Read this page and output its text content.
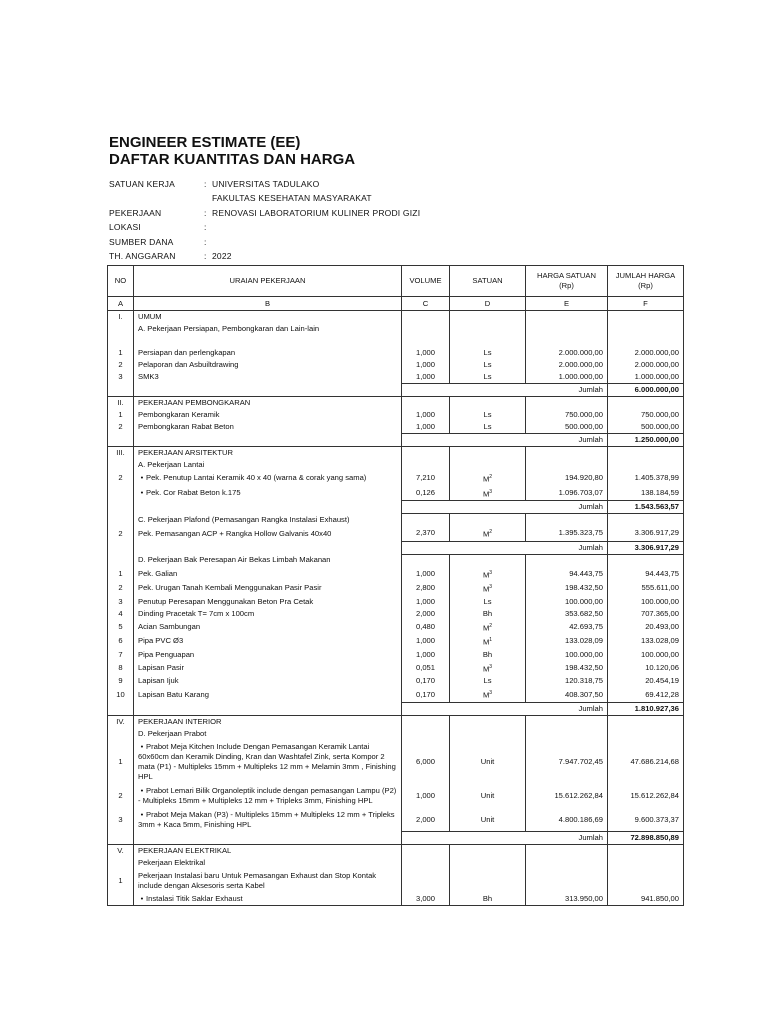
ENGINEER ESTIMATE (EE)
DAFTAR KUANTITAS DAN HARGA
SATUAN KERJA	: UNIVERSITAS TADULAKO
FAKULTAS KESEHATAN MASYARAKAT
PEKERJAAN	: RENOVASI LABORATORIUM KULINER PRODI GIZI
LOKASI	:
SUMBER DANA	:
TH. ANGGARAN	: 2022
NO	URAIAN PEKERJAAN	VOLUME	SATUAN	HARGA SATUAN (Rp)	JUMLAH HARGA (Rp)
A	B	C	D	E	F
I.	UMUM				
	A. Pekerjaan Persiapan, Pembongkaran dan Lain-lain				

1	Persiapan dan perlengkapan	1,000	Ls	2.000.000,00	2.000.000,00
2	Pelaporan dan Asbuiltdrawing	1,000	Ls	2.000.000,00	2.000.000,00
3	SMK3	1,000	Ls	1.000.000,00	1.000.000,00
		Jumlah			6.000.000,00
II.	PEKERJAAN PEMBONGKARAN				
1	Pembongkaran Keramik	1,000	Ls	750.000,00	750.000,00
2	Pembongkaran Rabat Beton	1,000	Ls	500.000,00	500.000,00
		Jumlah			1.250.000,00
III.	PEKERJAAN ARSITEKTUR				
	A. Pekerjaan Lantai				
2	• Pek. Penutup Lantai Keramik 40 x 40 (warna & corak yang sama)	7,210	$M^2$	194.920,80	1.405.378,99
	• Pek. Cor Rabat Beton k.175	0,126	$M^3$	1.096.703,07	138.184,59
		Jumlah			1.543.563,57
	C. Pekerjaan Plafond (Pemasangan Rangka Instalasi Exhaust)				
2	Pek. Pemasangan ACP + Rangka Hollow Galvanis 40x40	2,370	$M^2$	1.395.323,75	3.306.917,29
		Jumlah			3.306.917,29
	D. Pekerjaan Bak Peresapan Air Bekas Limbah Makanan				
1	Pek. Galian	1,000	$M^3$	94.443,75	94.443,75
2	Pek. Urugan Tanah Kembali Menggunakan Pasir Pasir	2,800	$M^3$	198.432,50	555.611,00
3	Penutup Peresapan Menggunakan Beton Pra Cetak	1,000	Ls	100.000,00	100.000,00
4	Dinding Pracetak T= 7cm x 100cm	2,000	Bh	353.682,50	707.365,00
5	Acian Sambungan	0,480	$M^2$	42.693,75	20.493,00
6	Pipa PVC Ø3	1,000	$M^1$	133.028,09	133.028,09
7	Pipa Penguapan	1,000	Bh	100.000,00	100.000,00
8	Lapisan Pasir	0,051	$M^3$	198.432,50	10.120,06
9	Lapisan Ijuk	0,170	Ls	120.318,75	20.454,19
10	Lapisan Batu Karang	0,170	$M^3$	408.307,50	69.412,28
		Jumlah			1.810.927,36
IV.	PEKERJAAN INTERIOR				
	D. Pekerjaan Prabot				
1	• Prabot Meja Kitchen Include Dengan Pemasangan Keramik Lantai 60x60cm dan Keramik Dinding, Kran dan Washtafel Zink, serta Kompor 2 mata (P1) - Multipleks 15mm + Multipleks 12 mm + Melamin 3mm , Finishing HPL	6,000	Unit	7.947.702,45	47.686.214,68
2	• Prabot Lemari Bilik Organoleptik include dengan pemasangan Lampu (P2) - Multipleks 15mm + Multipleks 12 mm + Tripleks 3mm, Finishing HPL	1,000	Unit	15.612.262,84	15.612.262,84
3	• Prabot Meja Makan (P3) - Multipleks 15mm + Multipleks 12 mm + Tripleks 3mm + Kaca 5mm, Finishing HPL	2,000	Unit	4.800.186,69	9.600.373,37
		Jumlah			72.898.850,89
V.	PEKERJAAN ELEKTRIKAL				
	Pekerjaan Elektrikal				
1	Pekerjaan Instalasi baru Untuk Pemasangan Exhaust dan Stop Kontak include dengan Aksesoris serta Kabel				
	• Instalasi Titik Saklar Exhaust	3,000	Bh	313.950,00	941.850,00
